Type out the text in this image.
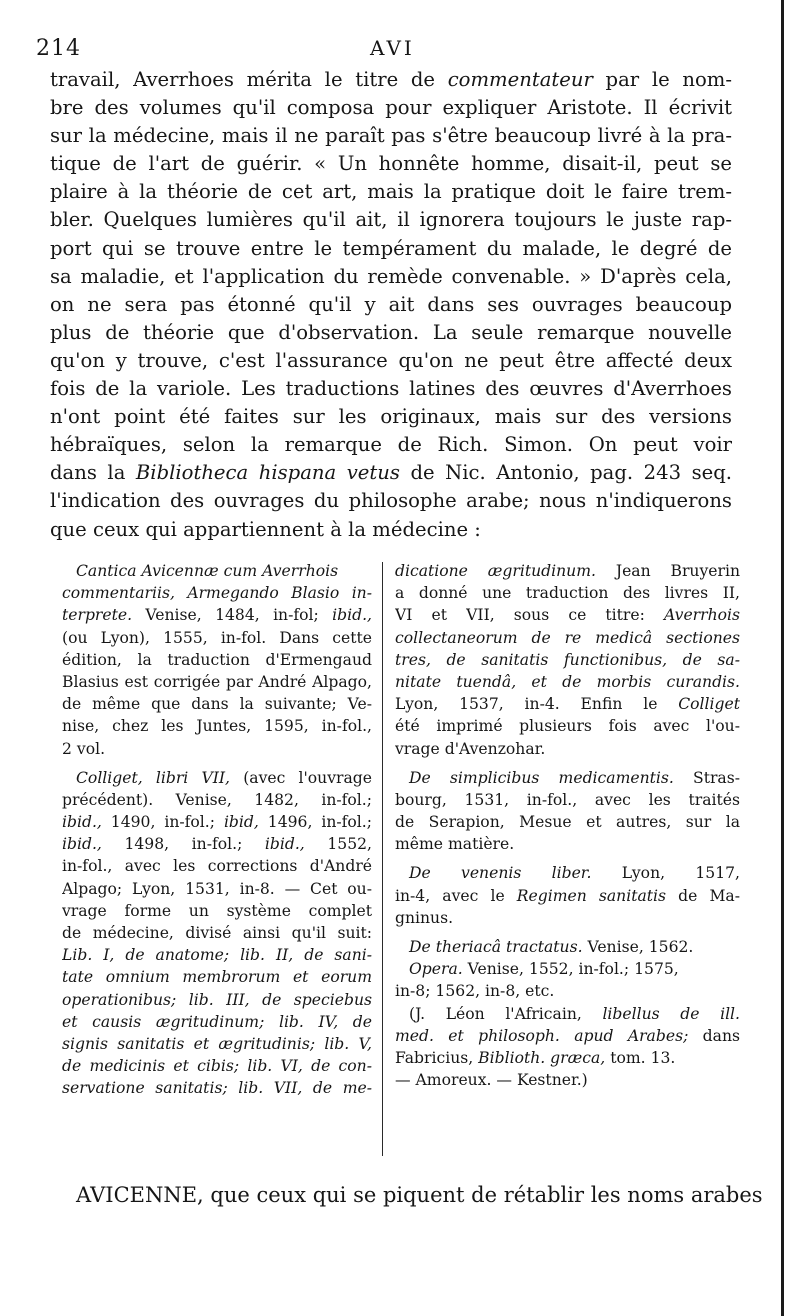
214	AVI
travail, Averrhoes mérita le titre de commentateur par le nom-
bre des volumes qu'il composa pour expliquer Aristote. Il écrivit
sur la médecine, mais il ne paraît pas s'être beaucoup livré à la pra-
tique de l'art de guérir. « Un honnête homme, disait-il, peut se
plaire à la théorie de cet art, mais la pratique doit le faire trem-
bler. Quelques lumières qu'il ait, il ignorera toujours le juste rap-
port qui se trouve entre le tempérament du malade, le degré de
sa maladie, et l'application du remède convenable. » D'après cela,
on ne sera pas étonné qu'il y ait dans ses ouvrages beaucoup
plus de théorie que d'observation. La seule remarque nouvelle
qu'on y trouve, c'est l'assurance qu'on ne peut être affecté deux
fois de la variole. Les traductions latines des œuvres d'Averrhoes
n'ont point été faites sur les originaux, mais sur des versions
hébraïques, selon la remarque de Rich. Simon. On peut voir
dans la Bibliotheca hispana vetus de Nic. Antonio, pag. 243 seq.
l'indication des ouvrages du philosophe arabe; nous n'indiquerons
que ceux qui appartiennent à la médecine :
Cantica Avicennæ cum Averrhois
commentariis, Armegando Blasio in-
terprete. Venise, 1484, in-fol; ibid.,
(ou Lyon), 1555, in-fol. Dans cette
édition, la traduction d'Ermengaud
Blasius est corrigée par André Alpago,
de même que dans la suivante; Ve-
nise, chez les Juntes, 1595, in-fol.,
2 vol.
Colliget, libri VII, (avec l'ouvrage
précédent). Venise, 1482, in-fol.;
ibid., 1490, in-fol.; ibid, 1496, in-fol.;
ibid., 1498, in-fol.; ibid., 1552,
in-fol., avec les corrections d'André
Alpago; Lyon, 1531, in-8. — Cet ou-
vrage forme un système complet
de médecine, divisé ainsi qu'il suit:
Lib. I, de anatome; lib. II, de sani-
tate omnium membrorum et eorum
operationibus; lib. III, de speciebus
et causis ægritudinum; lib. IV, de
signis sanitatis et ægritudinis; lib. V,
de medicinis et cibis; lib. VI, de con-
servatione sanitatis; lib. VII, de me-
dicatione ægritudinum. Jean Bruyerin
a donné une traduction des livres II,
VI et VII, sous ce titre: Averrhois
collectaneorum de re medicâ sectiones
tres, de sanitatis functionibus, de sa-
nitate tuendâ, et de morbis curandis.
Lyon, 1537, in-4. Enfin le Colliget
été imprimé plusieurs fois avec l'ou-
vrage d'Avenzohar.
De simplicibus medicamentis. Stras-
bourg, 1531, in-fol., avec les traités
de Serapion, Mesue et autres, sur la
même matière.
De venenis liber. Lyon, 1517,
in-4, avec le Regimen sanitatis de Ma-
gninus.
De theriacâ tractatus. Venise, 1562.
Opera. Venise, 1552, in-fol.; 1575,
in-8; 1562, in-8, etc.
(J. Léon l'Africain, libellus de ill.
med. et philosoph. apud Arabes; dans
Fabricius, Biblioth. græca, tom. 13.
— Amoreux. — Kestner.)
AVICENNE, que ceux qui se piquent de rétablir les noms arabes
